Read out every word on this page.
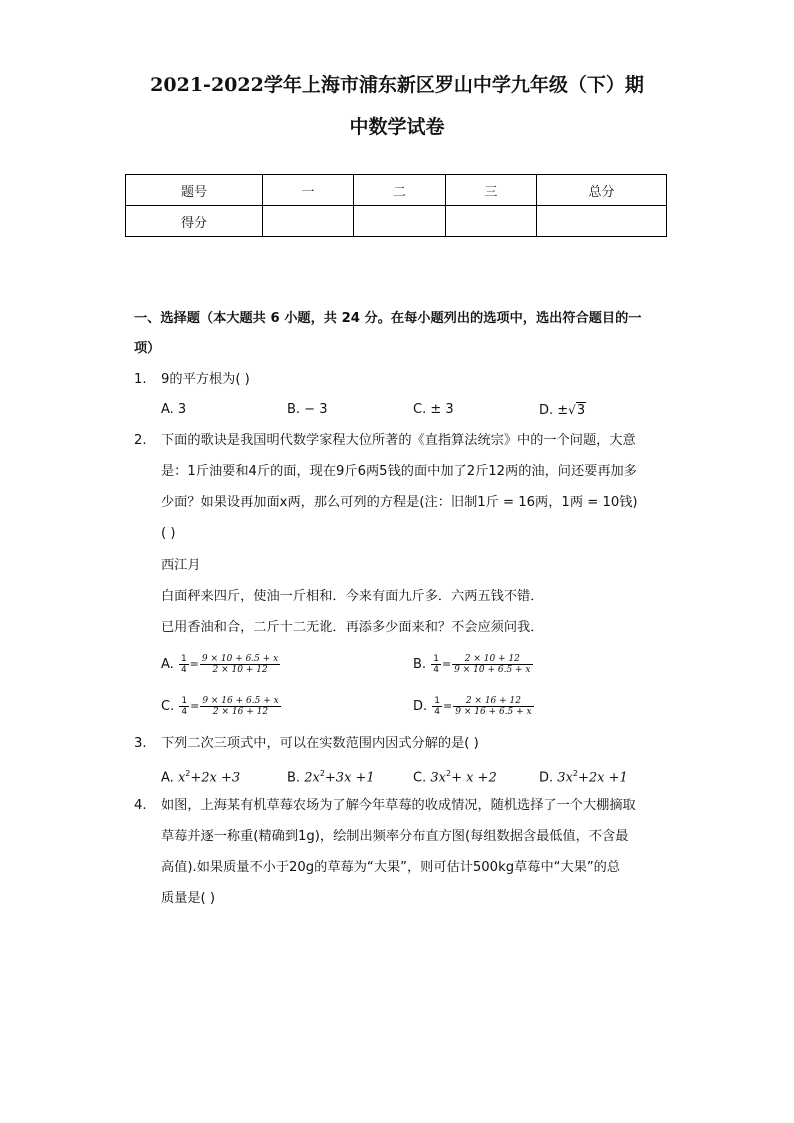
2021-2022学年上海市浦东新区罗山中学九年级（下）期
中数学试卷
题号	一	二	三	总分
得分				
一、选择题（本大题共 6 小题，共 24 分。在每小题列出的选项中，选出符合题目的一
项）
1. 9的平方根为( )
A. 3	B. − 3	C. ± 3	D. ±√3
2. 下面的歌诀是我国明代数学家程大位所著的《直指算法统宗》中的一个问题，大意
是：1斤油要和4斤的面，现在9斤6两5钱的面中加了2斤12两的油，问还要再加多
少面？如果设再加面x两，那么可列的方程是(注：旧制1斤 = 16两，1两 = 10钱)
( )
西江月
白面秤来四斤，使油一斤相和．今来有面九斤多．六两五钱不错．
已用香油和合，二斤十二无讹．再添多少面来和？不会应须问我．
A. $\frac{1}{4} = \frac{9 \times 10 + 6.5 + x}{2 \times 10 + 12}$	B. $\frac{1}{4} = \frac{2 \times 10 + 12}{9 \times 10 + 6.5 + x}$
C. $\frac{1}{4} = \frac{9 \times 16 + 6.5 + x}{2 \times 16 + 12}$	D. $\frac{1}{4} = \frac{2 \times 16 + 12}{9 \times 16 + 6.5 + x}$
3. 下列二次三项式中，可以在实数范围内因式分解的是( )
A. $x^2+2x +3$	B. $2x^2+3x +1$	C. $3x^2+ x +2$	D. $3x^2+2x +1$
4. 如图，上海某有机草莓农场为了解今年草莓的收成情况，随机选择了一个大棚摘取
草莓并逐一称重(精确到1g)，绘制出频率分布直方图(每组数据含最低值，不含最
高值).如果质量不小于20g的草莓为“大果”，则可估计500kg草莓中“大果”的总
质量是( )
